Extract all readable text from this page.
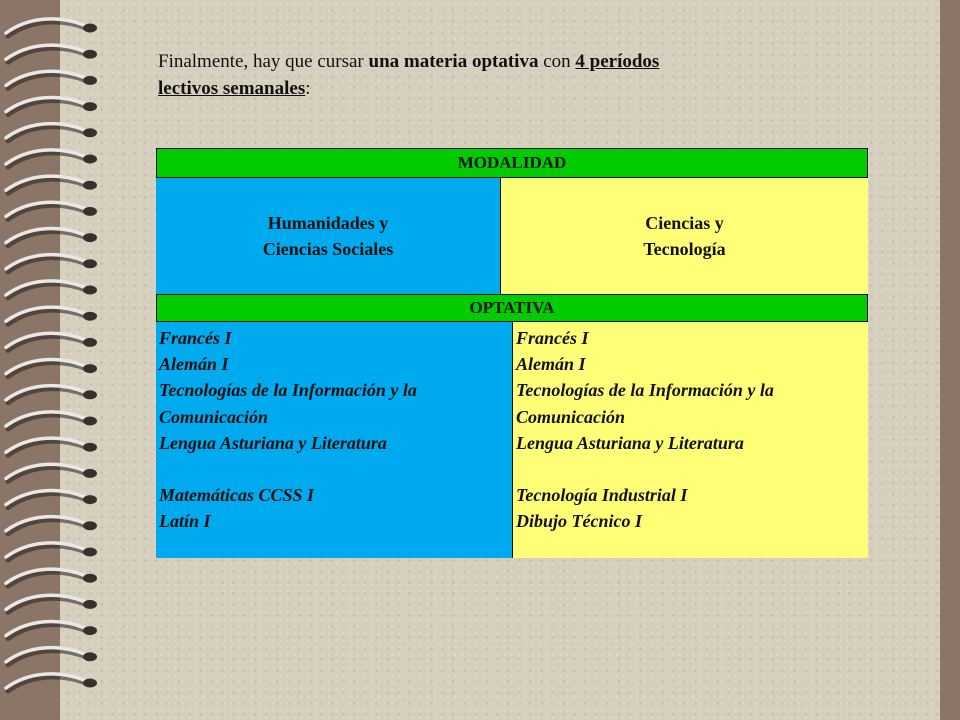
Finalmente, hay que cursar una materia optativa con 4 períodos
lectivos semanales:
MODALIDAD
Humanidades y
Ciencias Sociales
Ciencias y
Tecnología
OPTATIVA
Francés I
Alemán I
Tecnologías de la Información y la
Comunicación
Lengua Asturiana y Literatura
Matemáticas CCSS I
Latín I
Francés I
Alemán I
Tecnologías de la Información y la
Comunicación
Lengua Asturiana y Literatura
Tecnología Industrial I
Dibujo Técnico I
